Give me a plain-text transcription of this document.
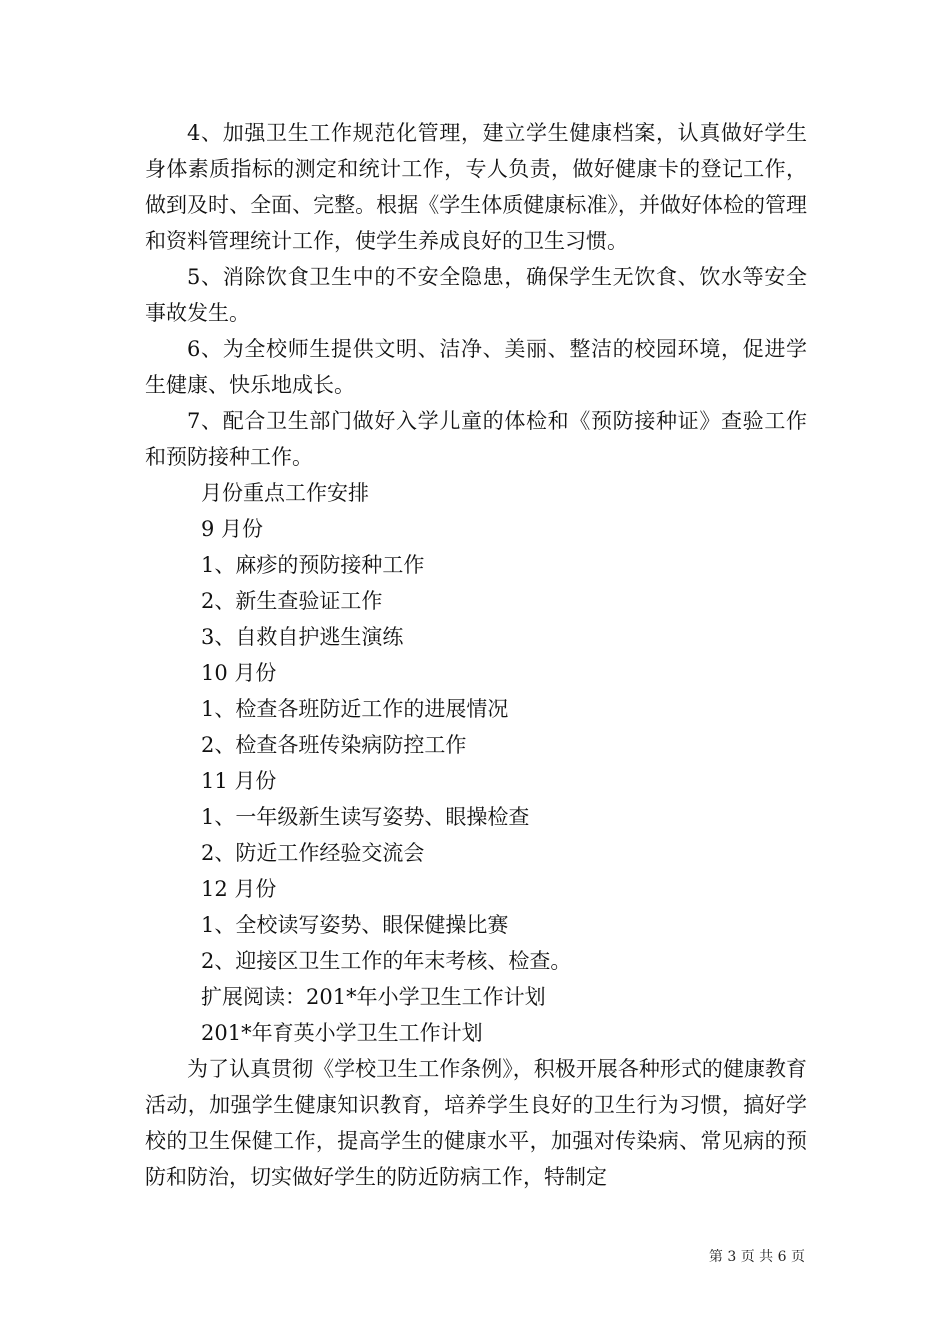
4、加强卫生工作规范化管理，建立学生健康档案，认真做好学生身体素质指标的测定和统计工作，专人负责，做好健康卡的登记工作，做到及时、全面、完整。根据《学生体质健康标准》，并做好体检的管理和资料管理统计工作，使学生养成良好的卫生习惯。

5、消除饮食卫生中的不安全隐患，确保学生无饮食、饮水等安全事故发生。

6、为全校师生提供文明、洁净、美丽、整洁的校园环境，促进学生健康、快乐地成长。

7、配合卫生部门做好入学儿童的体检和《预防接种证》查验工作和预防接种工作。

月份重点工作安排

9 月份

1、麻疹的预防接种工作

2、新生查验证工作

3、自救自护逃生演练

10 月份

1、检查各班防近工作的进展情况

2、检查各班传染病防控工作

11 月份

1、一年级新生读写姿势、眼操检查

2、防近工作经验交流会

12 月份

1、全校读写姿势、眼保健操比赛

2、迎接区卫生工作的年末考核、检查。

扩展阅读：201*年小学卫生工作计划

201*年育英小学卫生工作计划

为了认真贯彻《学校卫生工作条例》，积极开展各种形式的健康教育活动，加强学生健康知识教育，培养学生良好的卫生行为习惯，搞好学校的卫生保健工作，提高学生的健康水平，加强对传染病、常见病的预防和防治，切实做好学生的防近防病工作，特制定

第 3 页 共 6 页
